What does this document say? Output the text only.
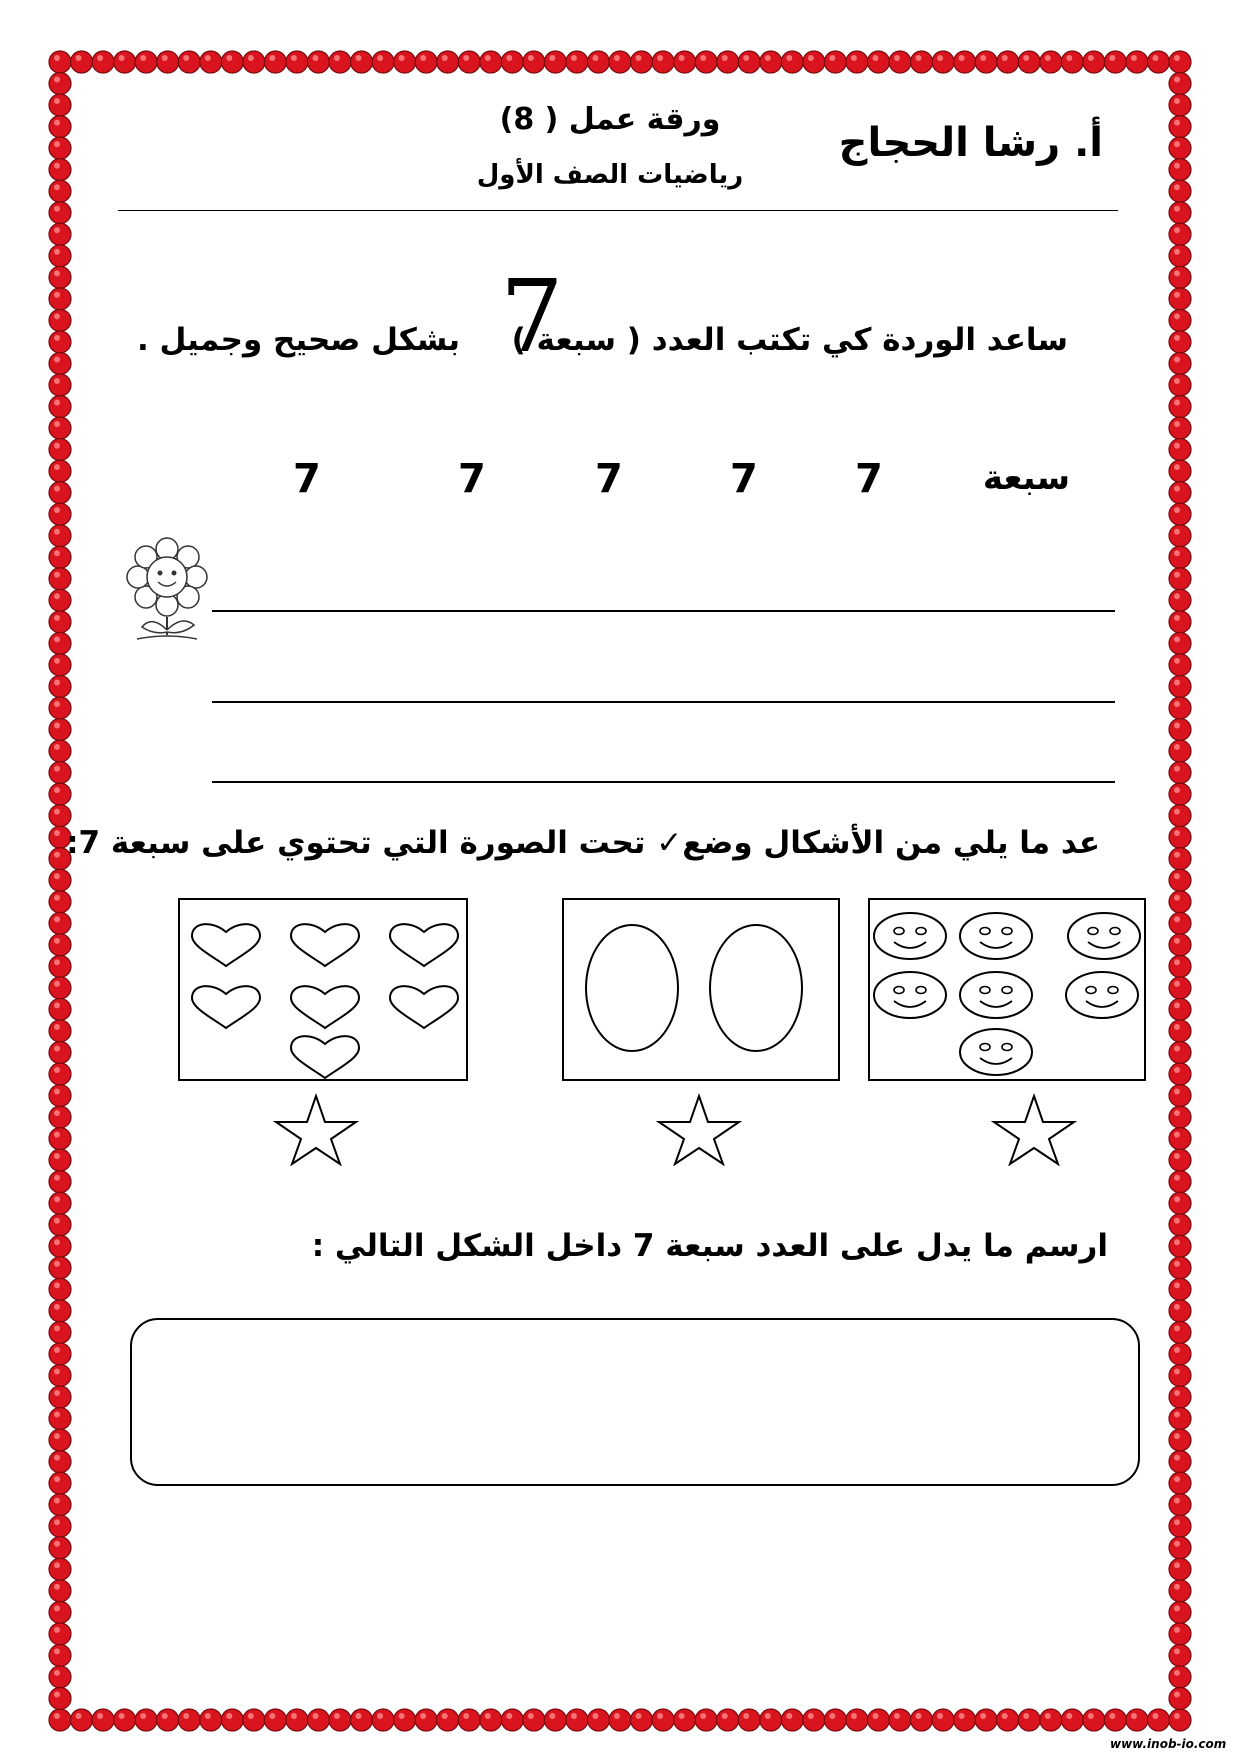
أ. رشا الحجاج
ورقة عمل ( 8)
رياضيات الصف الأول
ساعد الوردة كي تكتب العدد ( سبعة )
7
بشكل صحيح وجميل .
سبعة
7
7
7
7
7
عد ما يلي من الأشكال وضع✓ تحت الصورة التي تحتوي على سبعة 7:
ارسم ما يدل على العدد سبعة 7 داخل الشكل التالي :
www.inob-io.com
